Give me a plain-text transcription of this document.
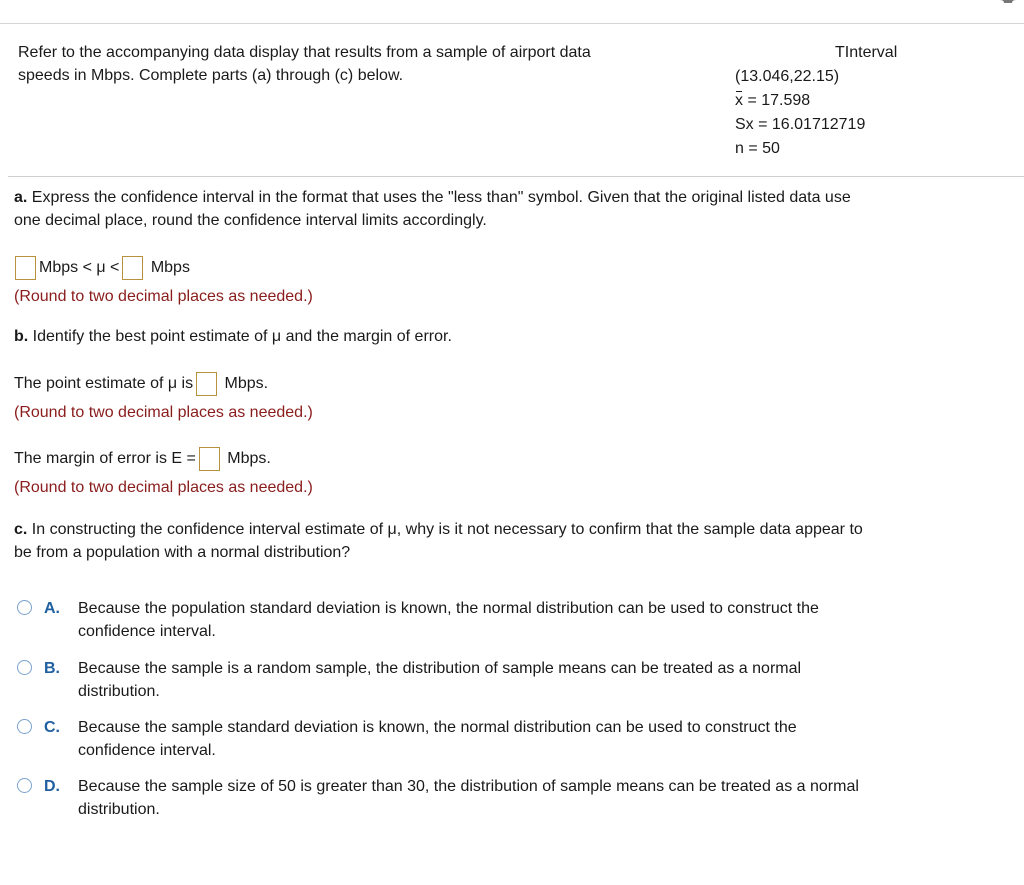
Refer to the accompanying data display that results from a sample of airport data
speeds in Mbps. Complete parts (a) through (c) below.
TInterval
(13.046,22.15)
x = 17.598
Sx = 16.01712719
n = 50
a. Express the confidence interval in the format that uses the "less than" symbol. Given that the original listed data use
one decimal place, round the confidence interval limits accordingly.
Mbps < μ < Mbps
(Round to two decimal places as needed.)
b. Identify the best point estimate of μ and the margin of error.
The point estimate of μ is Mbps.
(Round to two decimal places as needed.)
The margin of error is E = Mbps.
(Round to two decimal places as needed.)
c. In constructing the confidence interval estimate of μ, why is it not necessary to confirm that the sample data appear to
be from a population with a normal distribution?
A. Because the population standard deviation is known, the normal distribution can be used to construct the
confidence interval.
B. Because the sample is a random sample, the distribution of sample means can be treated as a normal
distribution.
C. Because the sample standard deviation is known, the normal distribution can be used to construct the
confidence interval.
D. Because the sample size of 50 is greater than 30, the distribution of sample means can be treated as a normal
distribution.
